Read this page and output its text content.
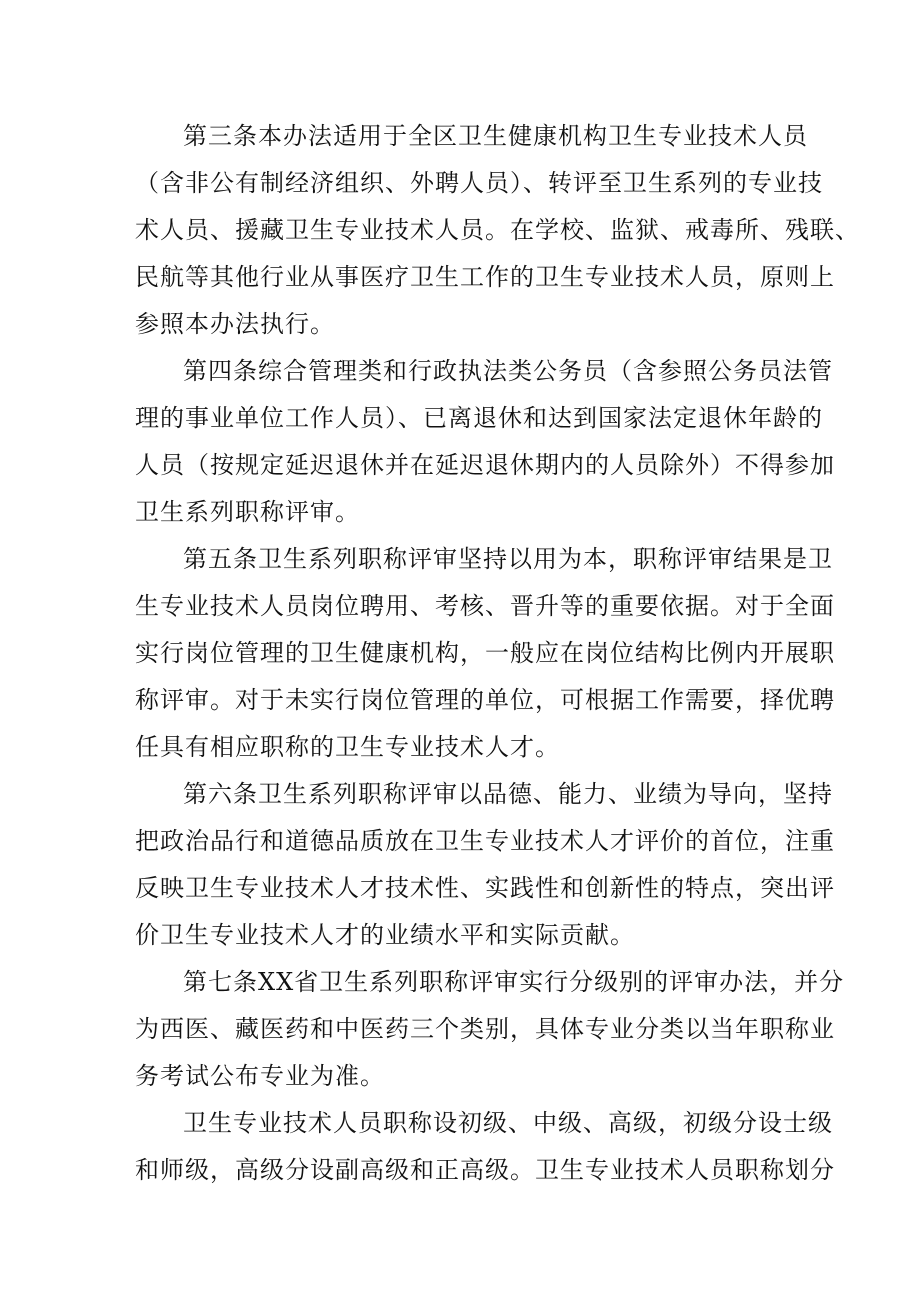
第三条本办法适用于全区卫生健康机构卫生专业技术人员
（含非公有制经济组织、外聘人员）、转评至卫生系列的专业技
术人员、援藏卫生专业技术人员。在学校、监狱、戒毒所、残联、
民航等其他行业从事医疗卫生工作的卫生专业技术人员，原则上
参照本办法执行。
第四条综合管理类和行政执法类公务员（含参照公务员法管
理的事业单位工作人员）、已离退休和达到国家法定退休年龄的
人员（按规定延迟退休并在延迟退休期内的人员除外）不得参加
卫生系列职称评审。
第五条卫生系列职称评审坚持以用为本，职称评审结果是卫
生专业技术人员岗位聘用、考核、晋升等的重要依据。对于全面
实行岗位管理的卫生健康机构，一般应在岗位结构比例内开展职
称评审。对于未实行岗位管理的单位，可根据工作需要，择优聘
任具有相应职称的卫生专业技术人才。
第六条卫生系列职称评审以品德、能力、业绩为导向，坚持
把政治品行和道德品质放在卫生专业技术人才评价的首位，注重
反映卫生专业技术人才技术性、实践性和创新性的特点，突出评
价卫生专业技术人才的业绩水平和实际贡献。
第七条XX省卫生系列职称评审实行分级别的评审办法，并分
为西医、藏医药和中医药三个类别，具体专业分类以当年职称业
务考试公布专业为准。
卫生专业技术人员职称设初级、中级、高级，初级分设士级
和师级，高级分设副高级和正高级。卫生专业技术人员职称划分
